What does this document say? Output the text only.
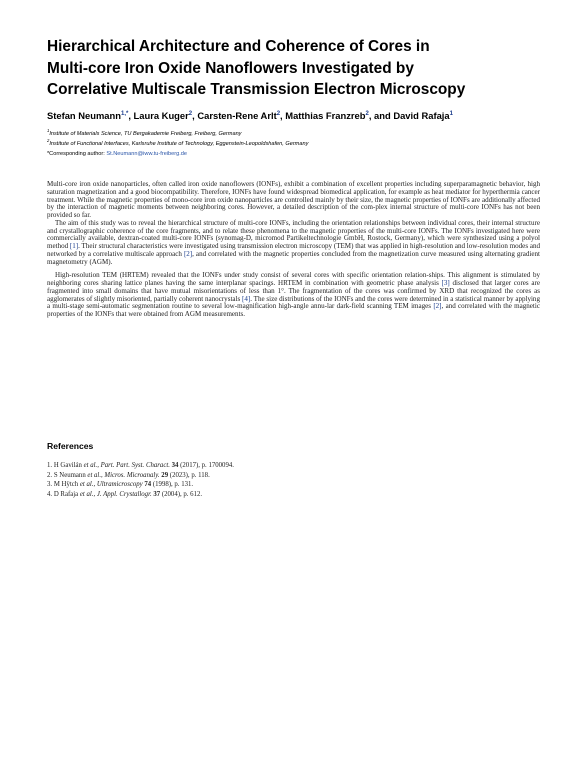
Hierarchical Architecture and Coherence of Cores in
Multi-core Iron Oxide Nanoflowers Investigated by
Correlative Multiscale Transmission Electron Microscopy
Stefan Neumann$^{1,*}$, Laura Kuger$^2$, Carsten-Rene Arlt$^2$, Matthias Franzreb$^2$, and David Rafaja$^1$
$^1$Institute of Materials Science, TU Bergakademie Freiberg, Freiberg, Germany
$^2$Institute of Functional Interfaces, Karlsruhe Institute of Technology, Eggenstein-Leopoldshafen, Germany
*Corresponding author: St.Neumann@iww.tu-freiberg.de

Multi-core iron oxide nanoparticles, often called iron oxide nanoflowers (IONFs), exhibit a combination of excellent properties including superparamagnetic behavior, high saturation magnetization and a good biocompatibility. Therefore, IONFs have found widespread biomedical application, for example as heat mediator for hyperthermia cancer treatment. While the magnetic properties of mono-core iron oxide nanoparticles are controlled mainly by their size, the magnetic properties of IONFs are additionally affected by the interaction of magnetic moments between neighboring cores. However, a detailed description of the com-plex internal structure of multi-core IONFs has not been provided so far.

The aim of this study was to reveal the hierarchical structure of multi-core IONFs, including the orientation relationships between individual cores, their internal structure and crystallographic coherence of the core fragments, and to relate these phenomena to the magnetic properties of the multi-core IONFs. The IONFs investigated here were commercially available, dextran-coated multi-core IONFs (synomag-D, micromod Partikeltechnologie GmbH, Rostock, Germany), which were synthesized using a polyol method [1]. Their structural characteristics were investigated using transmission electron microscopy (TEM) that was applied in high-resolution and low-resolution modes and networked by a correlative multiscale approach [2], and correlated with the magnetic properties concluded from the magnetization curve measured using alternating gradient magnetometry (AGM).

High-resolution TEM (HRTEM) revealed that the IONFs under study consist of several cores with specific orientation relation-ships. This alignment is stimulated by neighboring cores sharing lattice planes having the same interplanar spacings. HRTEM in combination with geometric phase analysis [3] disclosed that larger cores are fragmented into small domains that have mutual misorientations of less than 1°. The fragmentation of the cores was confirmed by XRD that recognized the cores as agglomerates of slightly misoriented, partially coherent nanocrystals [4]. The size distributions of the IONFs and the cores were determined in a statistical manner by applying a multi-stage semi-automatic segmentation routine to several low-magnification high-angle annu-lar dark-field scanning TEM images [2], and correlated with the magnetic properties of the IONFs that were obtained from AGM measurements.

References
1. H Gavilán et al., Part. Part. Syst. Charact. 34 (2017), p. 1700094.
2. S Neumann et al., Micros. Microanaly. 29 (2023), p. 118.
3. M Hÿtch et al., Ultramicroscopy 74 (1998), p. 131.
4. D Rafaja et al., J. Appl. Crystallogr. 37 (2004), p. 612.
